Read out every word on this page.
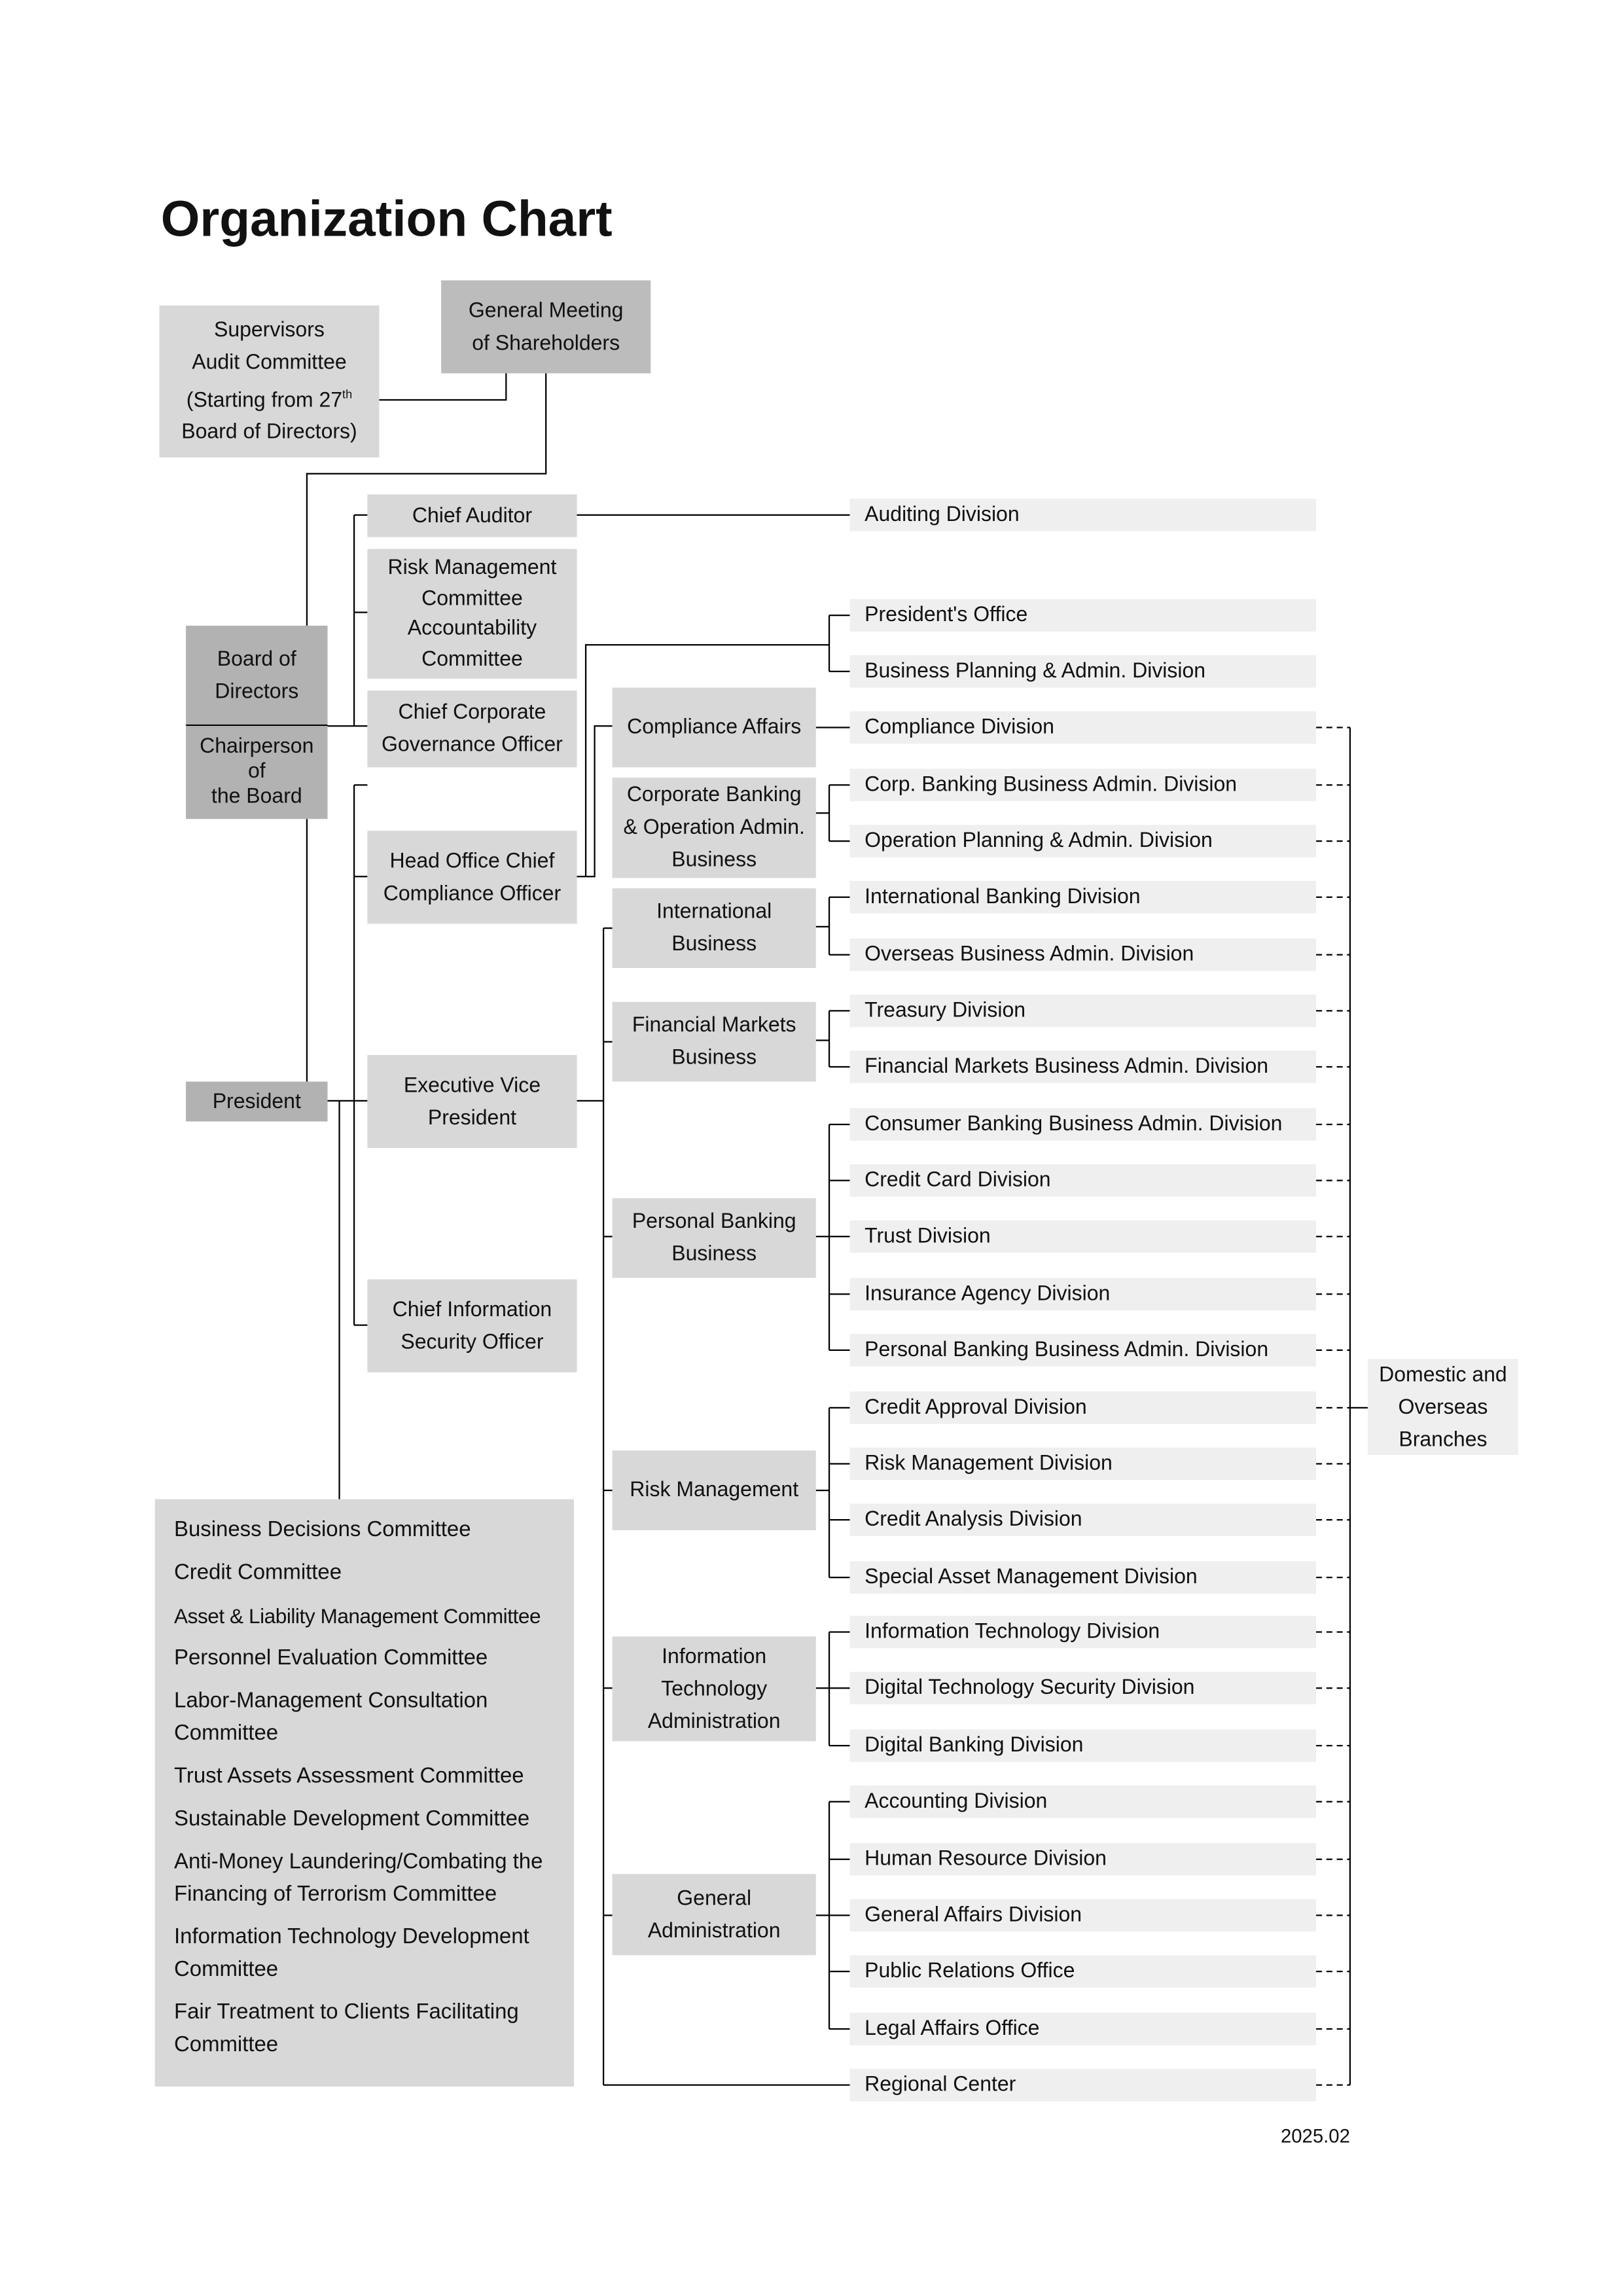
Organization Chart
General Meeting
of Shareholders
Supervisors
Audit Committee
(Starting from 27th
Board of Directors)
Board of
Directors
Chairperson
of
the Board
President
Chief Auditor
Risk Management
Committee
Accountability
Committee
Chief Corporate
Governance Officer
Head Office Chief
Compliance Officer
Executive Vice
President
Chief Information
Security Officer
Business Decisions Committee
Credit Committee
Asset & Liability Management Committee
Personnel Evaluation Committee
Labor-Management Consultation Committee
Trust Assets Assessment Committee
Sustainable Development Committee
Anti-Money Laundering/Combating the Financing of Terrorism Committee
Information Technology Development Committee
Fair Treatment to Clients Facilitating Committee
Compliance Affairs
Corporate Banking
& Operation Admin.
Business
International
Business
Financial Markets
Business
Personal Banking
Business
Risk Management
Information
Technology
Administration
General
Administration
Auditing Division
President's Office
Business Planning & Admin. Division
Compliance Division
Corp. Banking Business Admin. Division
Operation Planning & Admin. Division
International Banking Division
Overseas Business Admin. Division
Treasury Division
Financial Markets Business Admin. Division
Consumer Banking Business Admin. Division
Credit Card Division
Trust Division
Insurance Agency Division
Personal Banking Business Admin. Division
Credit Approval Division
Risk Management Division
Credit Analysis Division
Special Asset Management Division
Information Technology Division
Digital Technology Security Division
Digital Banking Division
Accounting Division
Human Resource Division
General Affairs Division
Public Relations Office
Legal Affairs Office
Regional Center
Domestic and
Overseas
Branches
2025.02
